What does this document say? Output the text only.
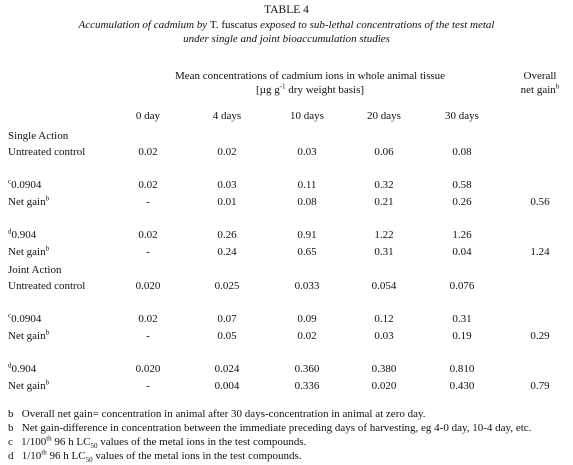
TABLE 4
Accumulation of cadmium by T. fuscatus exposed to sub-lethal concentrations of the test metal
under single and joint bioaccumulation studies
Mean concentrations of cadmium ions in whole animal tissue
[µg $g^{-1}$ dry weight basis]
Overall
net gain$^b$
0 day	4 days	10 days	20 days	30 days
Single Action
Joint Action
Untreated control	0.02	0.02	0.03	0.06	0.08
$^c$0.0904	0.02	0.03	0.11	0.32	0.58
Net gain$^b$	-	0.01	0.08	0.21	0.26	0.56
$^d$0.904	0.02	0.26	0.91	1.22	1.26
Net gain$^b$	-	0.24	0.65	0.31	0.04	1.24
Untreated control	0.020	0.025	0.033	0.054	0.076
$^c$0.0904	0.02	0.07	0.09	0.12	0.31
Net gain$^b$	-	0.05	0.02	0.03	0.19	0.29
$^d$0.904	0.020	0.024	0.360	0.380	0.810
Net gain$^b$	-	0.004	0.336	0.020	0.430	0.79
b Overall net gain= concentration in animal after 30 days-concentration in animal at zero day.
b Net gain-difference in concentration between the immediate preceding days of harvesting, eg 4-0 day, 10-4 day, etc.
c 1/100th 96 h $LC_{50}$ values of the metal ions in the test compounds.
d 1/10th 96 h $LC_{50}$ values of the metal ions in the test compounds.
